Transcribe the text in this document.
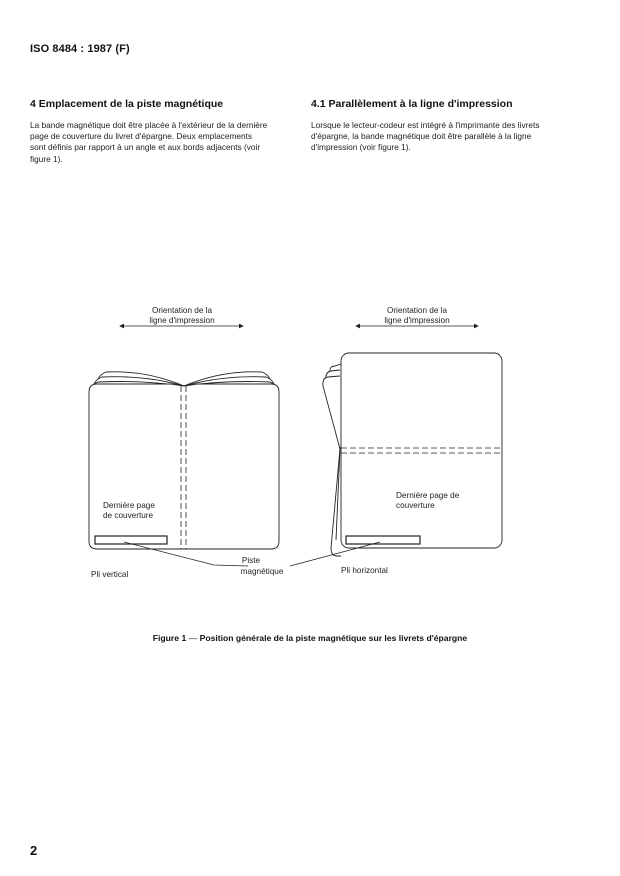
ISO 8484 : 1987 (F)
4 Emplacement de la piste magnétique
La bande magnétique doit être placée à l'extérieur de la dernière
page de couverture du livret d'épargne. Deux emplacements
sont définis par rapport à un angle et aux bords adjacents (voir
figure 1).
4.1 Parallèlement à la ligne d'impression
Lorsque le lecteur-codeur est intégré à l'imprimante des livrets
d'épargne, la bande magnétique doit être parallèle à la ligne
d'impression (voir figure 1).
Orientation de la
ligne d'impression
Dernière page
de couverture
Orientation de la
ligne d'impression
Dernière page de
couverture
Piste
magnétique
Pli vertical	Pli horizontal
Figure 1 — Position générale de la piste magnétique sur les livrets d'épargne
2
